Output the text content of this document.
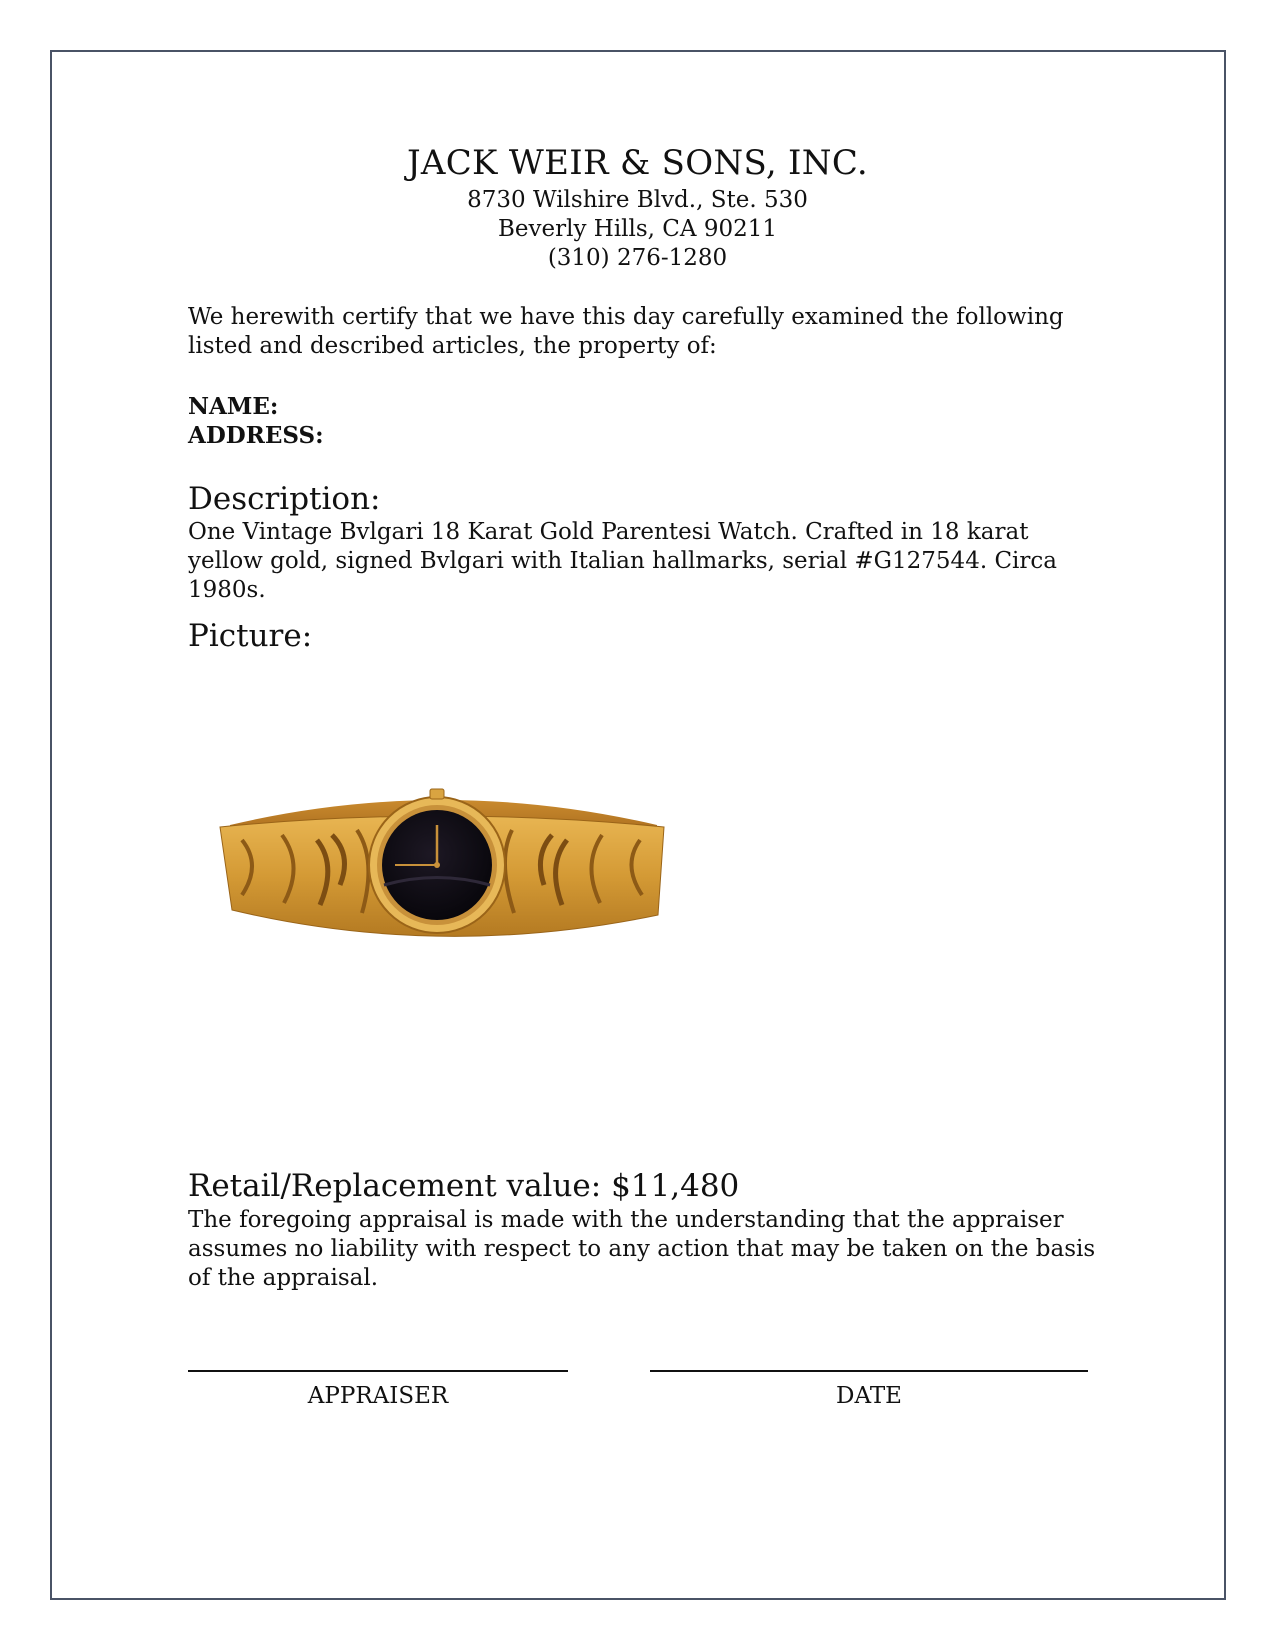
JACK WEIR & SONS, INC.
8730 Wilshire Blvd., Ste. 530
Beverly Hills, CA 90211
(310) 276-1280
We herewith certify that we have this day carefully examined the following listed and described articles, the property of:
NAME:
ADDRESS:
Description:
One Vintage Bvlgari 18 Karat Gold Parentesi Watch. Crafted in 18 karat yellow gold, signed Bvlgari with Italian hallmarks, serial #G127544. Circa 1980s.
Picture:
Retail/Replacement value: $11,480
The foregoing appraisal is made with the understanding that the appraiser assumes no liability with respect to any action that may be taken on the basis of the appraisal.
APPRAISER	DATE
